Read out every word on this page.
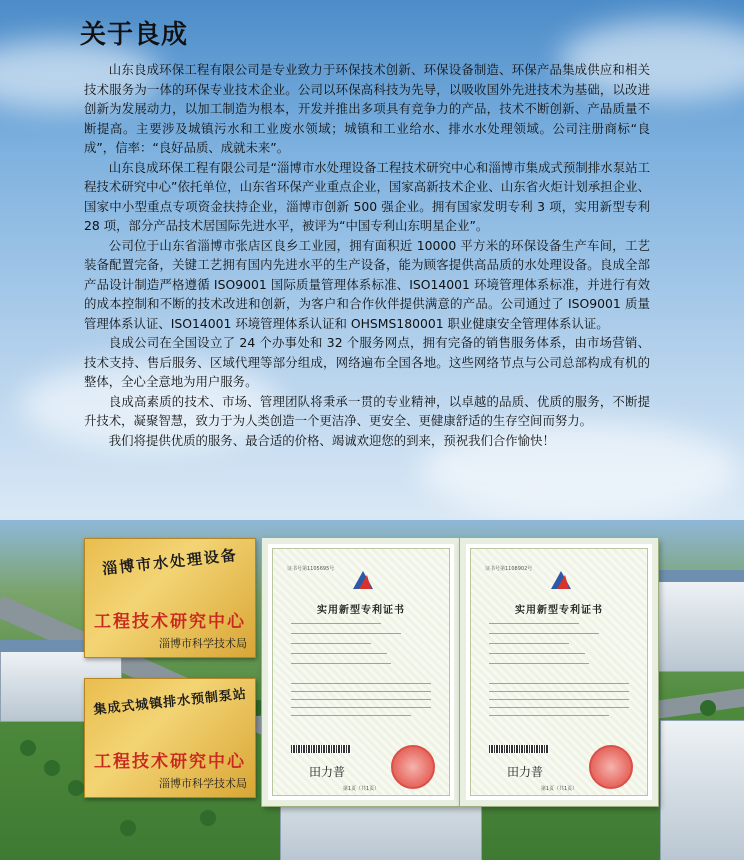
关于良成

山东良成环保工程有限公司是专业致力于环保技术创新、环保设备制造、环保产品集成供应和相关技术服务为一体的环保专业技术企业。公司以环保高科技为先导，以吸收国外先进技术为基础，以改进创新为发展动力，以加工制造为根本，开发并推出多项具有竞争力的产品，技术不断创新、产品质量不断提高。主要涉及城镇污水和工业废水领域；城镇和工业给水、排水水处理领域。公司注册商标“良成”，信率：“良好品质、成就未来”。

山东良成环保工程有限公司是“淄博市水处理设备工程技术研究中心和淄博市集成式预制排水泵站工程技术研究中心”依托单位，山东省环保产业重点企业，国家高新技术企业、山东省火炬计划承担企业、国家中小型重点专项资金扶持企业，淄博市创新 500 强企业。拥有国家发明专利 3 项，实用新型专利 28 项，部分产品技术居国际先进水平，被评为“中国专利山东明星企业”。

公司位于山东省淄博市张店区良乡工业园，拥有面积近 10000 平方米的环保设备生产车间，工艺装备配置完备，关键工艺拥有国内先进水平的生产设备，能为顾客提供高品质的水处理设备。良成全部产品设计制造严格遵循 ISO9001 国际质量管理体系标准、ISO14001 环境管理体系标准，并进行有效的成本控制和不断的技术改进和创新，为客户和合作伙伴提供满意的产品。公司通过了 ISO9001 质量管理体系认证、ISO14001 环境管理体系认证和 OHSMS180001 职业健康安全管理体系认证。

良成公司在全国设立了 24 个办事处和 32 个服务网点，拥有完备的销售服务体系，由市场营销、技术支持、售后服务、区域代理等部分组成，网络遍布全国各地。这些网络节点与公司总部构成有机的整体，全心全意地为用户服务。

良成高素质的技术、市场、管理团队将秉承一贯的专业精神，以卓越的品质、优质的服务，不断提升技术，凝聚智慧，致力于为人类创造一个更洁净、更安全、更健康舒适的生存空间而努力。

我们将提供优质的服务、最合适的价格、竭诚欢迎您的到来，预祝我们合作愉快！

淄博市水处理设备
工程技术研究中心
淄博市科学技术局
集成式城镇排水预制泵站
工程技术研究中心
淄博市科学技术局
证书号第1105695号
实用新型专利证书
田力普
第1页（共1页）
证书号第1108902号
实用新型专利证书
田力普
第1页（共1页）
